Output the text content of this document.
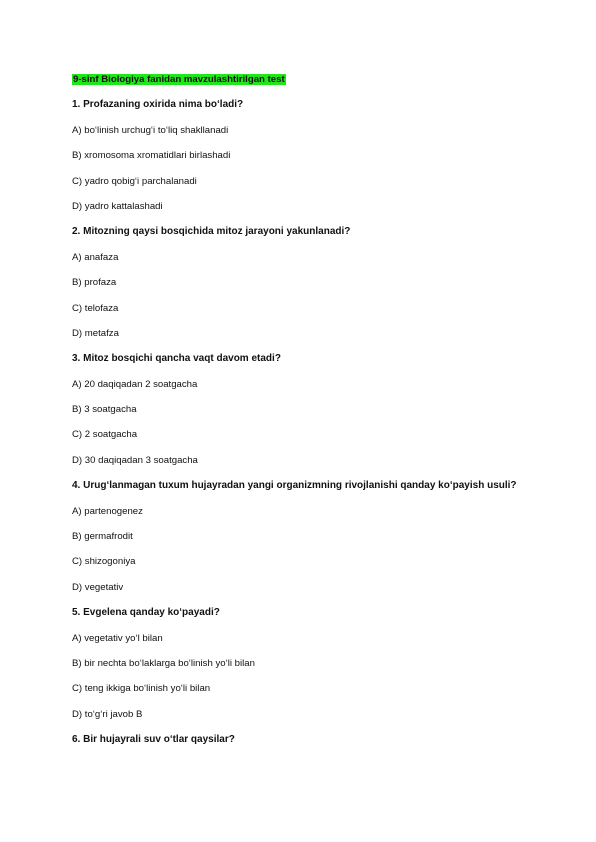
9-sinf Biologiya fanidan mavzulashtirilgan test
1. Profazaning oxirida nima bo‘ladi?
A) bo‘linish urchug‘i to‘liq shakllanadi
B) xromosoma xromatidlari birlashadi
C) yadro qobig‘i parchalanadi
D) yadro kattalashadi
2. Mitozning qaysi bosqichida mitoz jarayoni yakunlanadi?
A) anafaza
B) profaza
C) telofaza
D) metafza
3. Mitoz bosqichi qancha vaqt davom etadi?
A) 20 daqiqadan 2 soatgacha
B) 3 soatgacha
C) 2 soatgacha
D) 30 daqiqadan 3 soatgacha
4. Urug‘lanmagan tuxum hujayradan yangi organizmning rivojlanishi qanday ko‘payish usuli?
A) partenogenez
B) germafrodit
C) shizogoniya
D) vegetativ
5. Evgelena qanday ko‘payadi?
A) vegetativ yo‘l bilan
B) bir nechta bo‘laklarga bo‘linish yo‘li bilan
C) teng ikkiga bo‘linish yo‘li bilan
D) to‘g‘ri javob B
6. Bir hujayrali suv o‘tlar qaysilar?
